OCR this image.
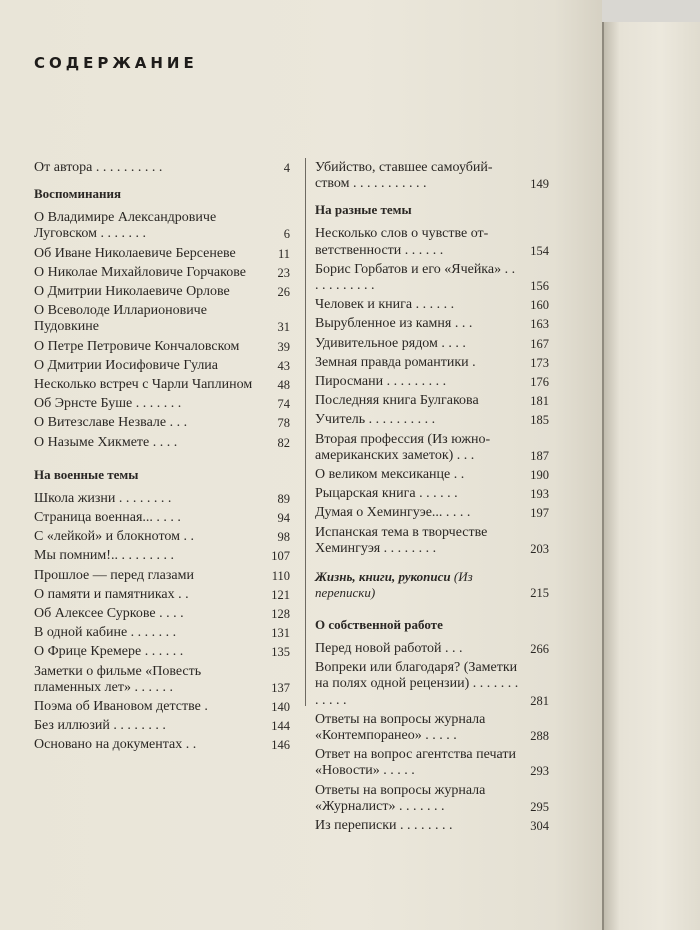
СОДЕРЖАНИЕ
От автора . . . . . . . . . .	4
Воспоминания
О Владимире Александровиче Луговском . . . . . . .	6
Об Иване Николаевиче Берсеневе	11
О Николае Михайловиче Горчакове	23
О Дмитрии Николаевиче Орлове	26
О Всеволоде Илларионовиче Пудовкине	31
О Петре Петровиче Кончаловском	39
О Дмитрии Иосифовиче Гулиа	43
Несколько встреч с Чарли Чаплином	48
Об Эрнсте Буше . . . . . . .	74
О Витезславе Незвале . . .	78
О Назыме Хикмете . . . .	82
На военные темы
Школа жизни . . . . . . . .	89
Страница военная... . . . .	94
С «лейкой» и блокнотом . .	98
Мы помним!.. . . . . . . . .	107
Прошлое — перед глазами	110
О памяти и памятниках . .	121
Об Алексее Суркове . . . .	128
В одной кабине . . . . . . .	131
О Фрице Кремере . . . . . .	135
Заметки о фильме «Повесть пламенных лет» . . . . . .	137
Поэма об Ивановом детстве .	140
Без иллюзий . . . . . . . .	144
Основано на документах . .	146
Убийство, ставшее самоубийством . . . . . . . . . . .	149
На разные темы
Несколько слов о чувстве ответственности . . . . . .	154
Борис Горбатов и его «Ячейка» . . . . . . . . . . .	156
Человек и книга . . . . . .	160
Вырубленное из камня . . .	163
Удивительное рядом . . . .	167
Земная правда романтики .	173
Пиросмани . . . . . . . . .	176
Последняя книга Булгакова	181
Учитель . . . . . . . . . .	185
Вторая профессия (Из южноамериканских заметок) . . .	187
О великом мексиканце . .	190
Рыцарская книга . . . . . .	193
Думая о Хемингуэе... . . . .	197
Испанская тема в творчестве Хемингуэя . . . . . . . .	203
Жизнь, книги, рукописи (Из переписки)	215
О собственной работе
Перед новой работой . . .	266
Вопреки или благодаря? (Заметки на полях одной рецензии) . . . . . . . . . . . .	281
Ответы на вопросы журнала «Контемпоранео» . . . . .	288
Ответ на вопрос агентства печати «Новости» . . . . .	293
Ответы на вопросы журнала «Журналист» . . . . . . .	295
Из переписки . . . . . . . .	304
